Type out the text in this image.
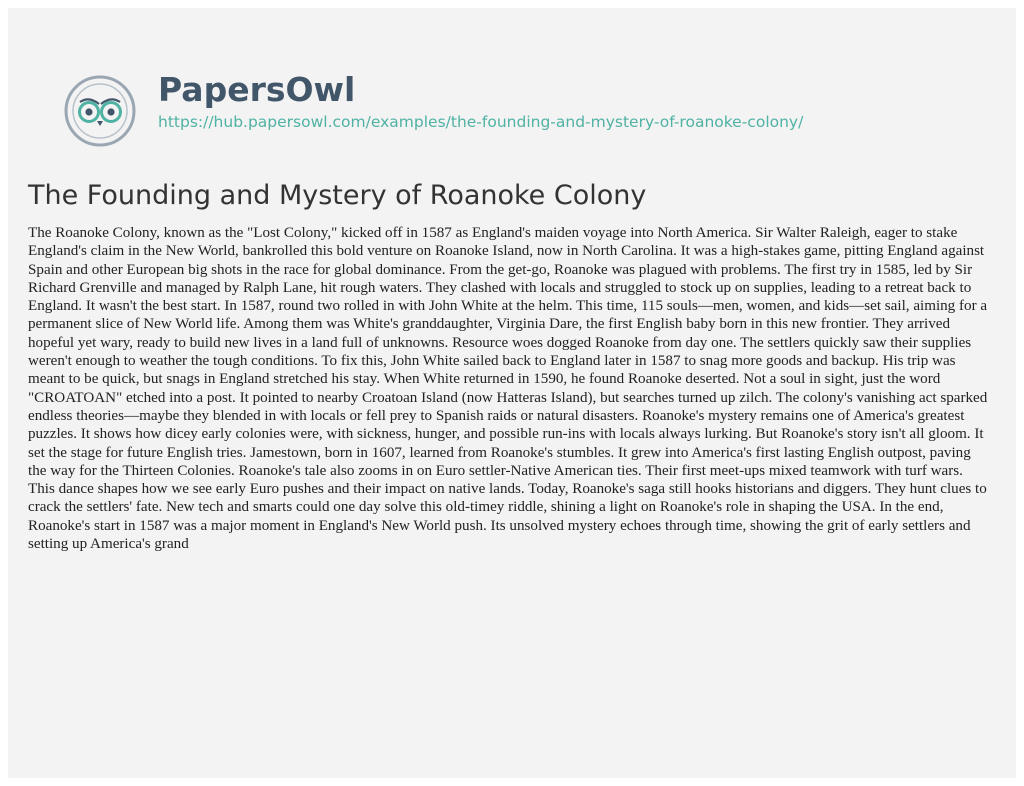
PapersOwl
https://hub.papersowl.com/examples/the-founding-and-mystery-of-roanoke-colony/
The Founding and Mystery of Roanoke Colony

The Roanoke Colony, known as the "Lost Colony," kicked off in 1587 as England's maiden voyage into North America. Sir Walter Raleigh, eager to stake England's claim in the New World, bankrolled this bold venture on Roanoke Island, now in North Carolina. It was a high-stakes game, pitting England against Spain and other European big shots in the race for global dominance. From the get-go, Roanoke was plagued with problems. The first try in 1585, led by Sir Richard Grenville and managed by Ralph Lane, hit rough waters. They clashed with locals and struggled to stock up on supplies, leading to a retreat back to England. It wasn't the best start. In 1587, round two rolled in with John White at the helm. This time, 115 souls—men, women, and kids—set sail, aiming for a permanent slice of New World life. Among them was White's granddaughter, Virginia Dare, the first English baby born in this new frontier. They arrived hopeful yet wary, ready to build new lives in a land full of unknowns. Resource woes dogged Roanoke from day one. The settlers quickly saw their supplies weren't enough to weather the tough conditions. To fix this, John White sailed back to England later in 1587 to snag more goods and backup. His trip was meant to be quick, but snags in England stretched his stay. When White returned in 1590, he found Roanoke deserted. Not a soul in sight, just the word "CROATOAN" etched into a post. It pointed to nearby Croatoan Island (now Hatteras Island), but searches turned up zilch. The colony's vanishing act sparked endless theories—maybe they blended in with locals or fell prey to Spanish raids or natural disasters. Roanoke's mystery remains one of America's greatest puzzles. It shows how dicey early colonies were, with sickness, hunger, and possible run-ins with locals always lurking. But Roanoke's story isn't all gloom. It set the stage for future English tries. Jamestown, born in 1607, learned from Roanoke's stumbles. It grew into America's first lasting English outpost, paving the way for the Thirteen Colonies. Roanoke's tale also zooms in on Euro settler-Native American ties. Their first meet-ups mixed teamwork with turf wars. This dance shapes how we see early Euro pushes and their impact on native lands. Today, Roanoke's saga still hooks historians and diggers. They hunt clues to crack the settlers' fate. New tech and smarts could one day solve this old-timey riddle, shining a light on Roanoke's role in shaping the USA. In the end, Roanoke's start in 1587 was a major moment in England's New World push. Its unsolved mystery echoes through time, showing the grit of early settlers and setting up America's grand
